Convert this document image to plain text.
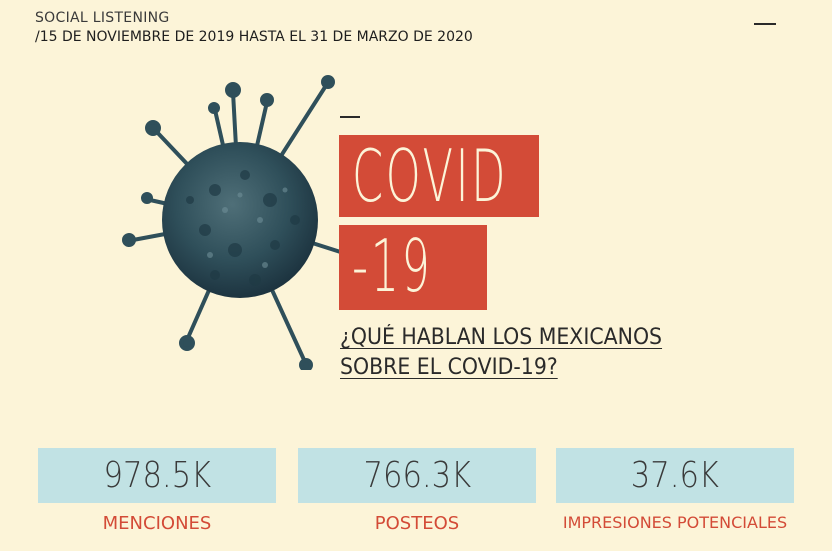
SOCIAL LISTENING
/15 DE NOVIEMBRE DE 2019 HASTA EL 31 DE MARZO DE 2020
COVID
-19
¿QUÉ HABLAN LOS MEXICANOS
SOBRE EL COVID-19?
978.5K	766.3K	37.6K
MENCIONES	POSTEOS	IMPRESIONES POTENCIALES
